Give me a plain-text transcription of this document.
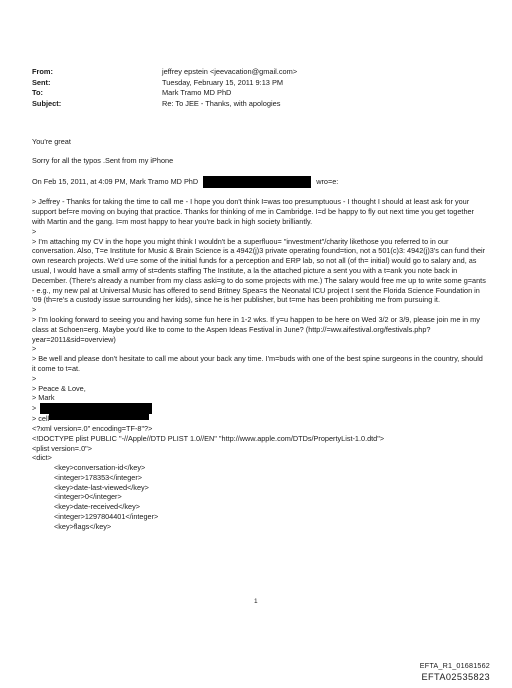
From:	jeffrey epstein <jeevacation@gmail.com>
Sent:	Tuesday, February 15, 2011 9:13 PM
To:	Mark Tramo MD PhD
Subject:	Re: To JEE - Thanks, with apologies
You're great
Sorry for all the typos .Sent from my iPhone
On Feb 15, 2011, at 4:09 PM, Mark Tramo MD PhD	wro=e:

> Jeffrey - Thanks for taking the time to call me - I hope you don't think I=was too presumptuous - I thought I should at least ask for your support bef=re moving on buying that practice. Thanks for thinking of me in Cambridge. I=d be happy to fly out next time you get together with Martin and the gang. I=m most happy to hear you're back in high society brilliantly.

>

> I'm attaching my CV in the hope you might think I wouldn't be a superfluou= "investment"/charity likethose you referred to in our conversation. Also, T=e Institute for Music & Brain Science is a 4942(j)3 private operating found=tion, not a 501(c)3: 4942(j)3's can fund their own research projects. We'd u=e some of the initial funds for a perception and ERP lab, so not all (of th= initial) would go to salary and, as usual, I would have a small army of st=dents staffing The Institute, a la the attached picture a sent you with a t=ank you note back in December. (There's already a number from my class aski=g to do some projects with me.) The salary would free me up to write some g=ants - e.g., my new pal at Universal Music has offered to send Britney Spea=s the Neonatal ICU project I sent the Florida Science Foundation in '09 (th=re's a custody issue surrounding her kids), since he is her publisher, but t=me has been prohibiting me from pursuing it.

>

> I'm looking forward to seeing you and having some fun here in 1-2 wks. If y=u happen to be here on Wed 3/2 or 3/9, please join me in my class at Schoen=erg. Maybe you'd like to come to the Aspen Ideas Festival in June? (http://=ww.aifestival.org/festivals.php?year=2011&sid=overview)

>

> Be well and please don't hesitate to call me about your back any time. I'm=buds with one of the best spine surgeons in the country, should it come to t=at.

>
> Peace & Love,
> Mark
>
> cell
<?xml version=.0" encoding=TF-8"?>
<!DOCTYPE plist PUBLIC "-//Apple//DTD PLIST 1.0//EN" "http://www.apple.com/DTDs/PropertyList-1.0.dtd">
<plist version=.0">
<dict>
<key>conversation-id</key>
<integer>178353</integer>
<key>date-last-viewed</key>
<integer>0</integer>
<key>date-received</key>
<integer>1297804401</integer>
<key>flags</key>
1
EFTA_R1_01681562
EFTA02535823
